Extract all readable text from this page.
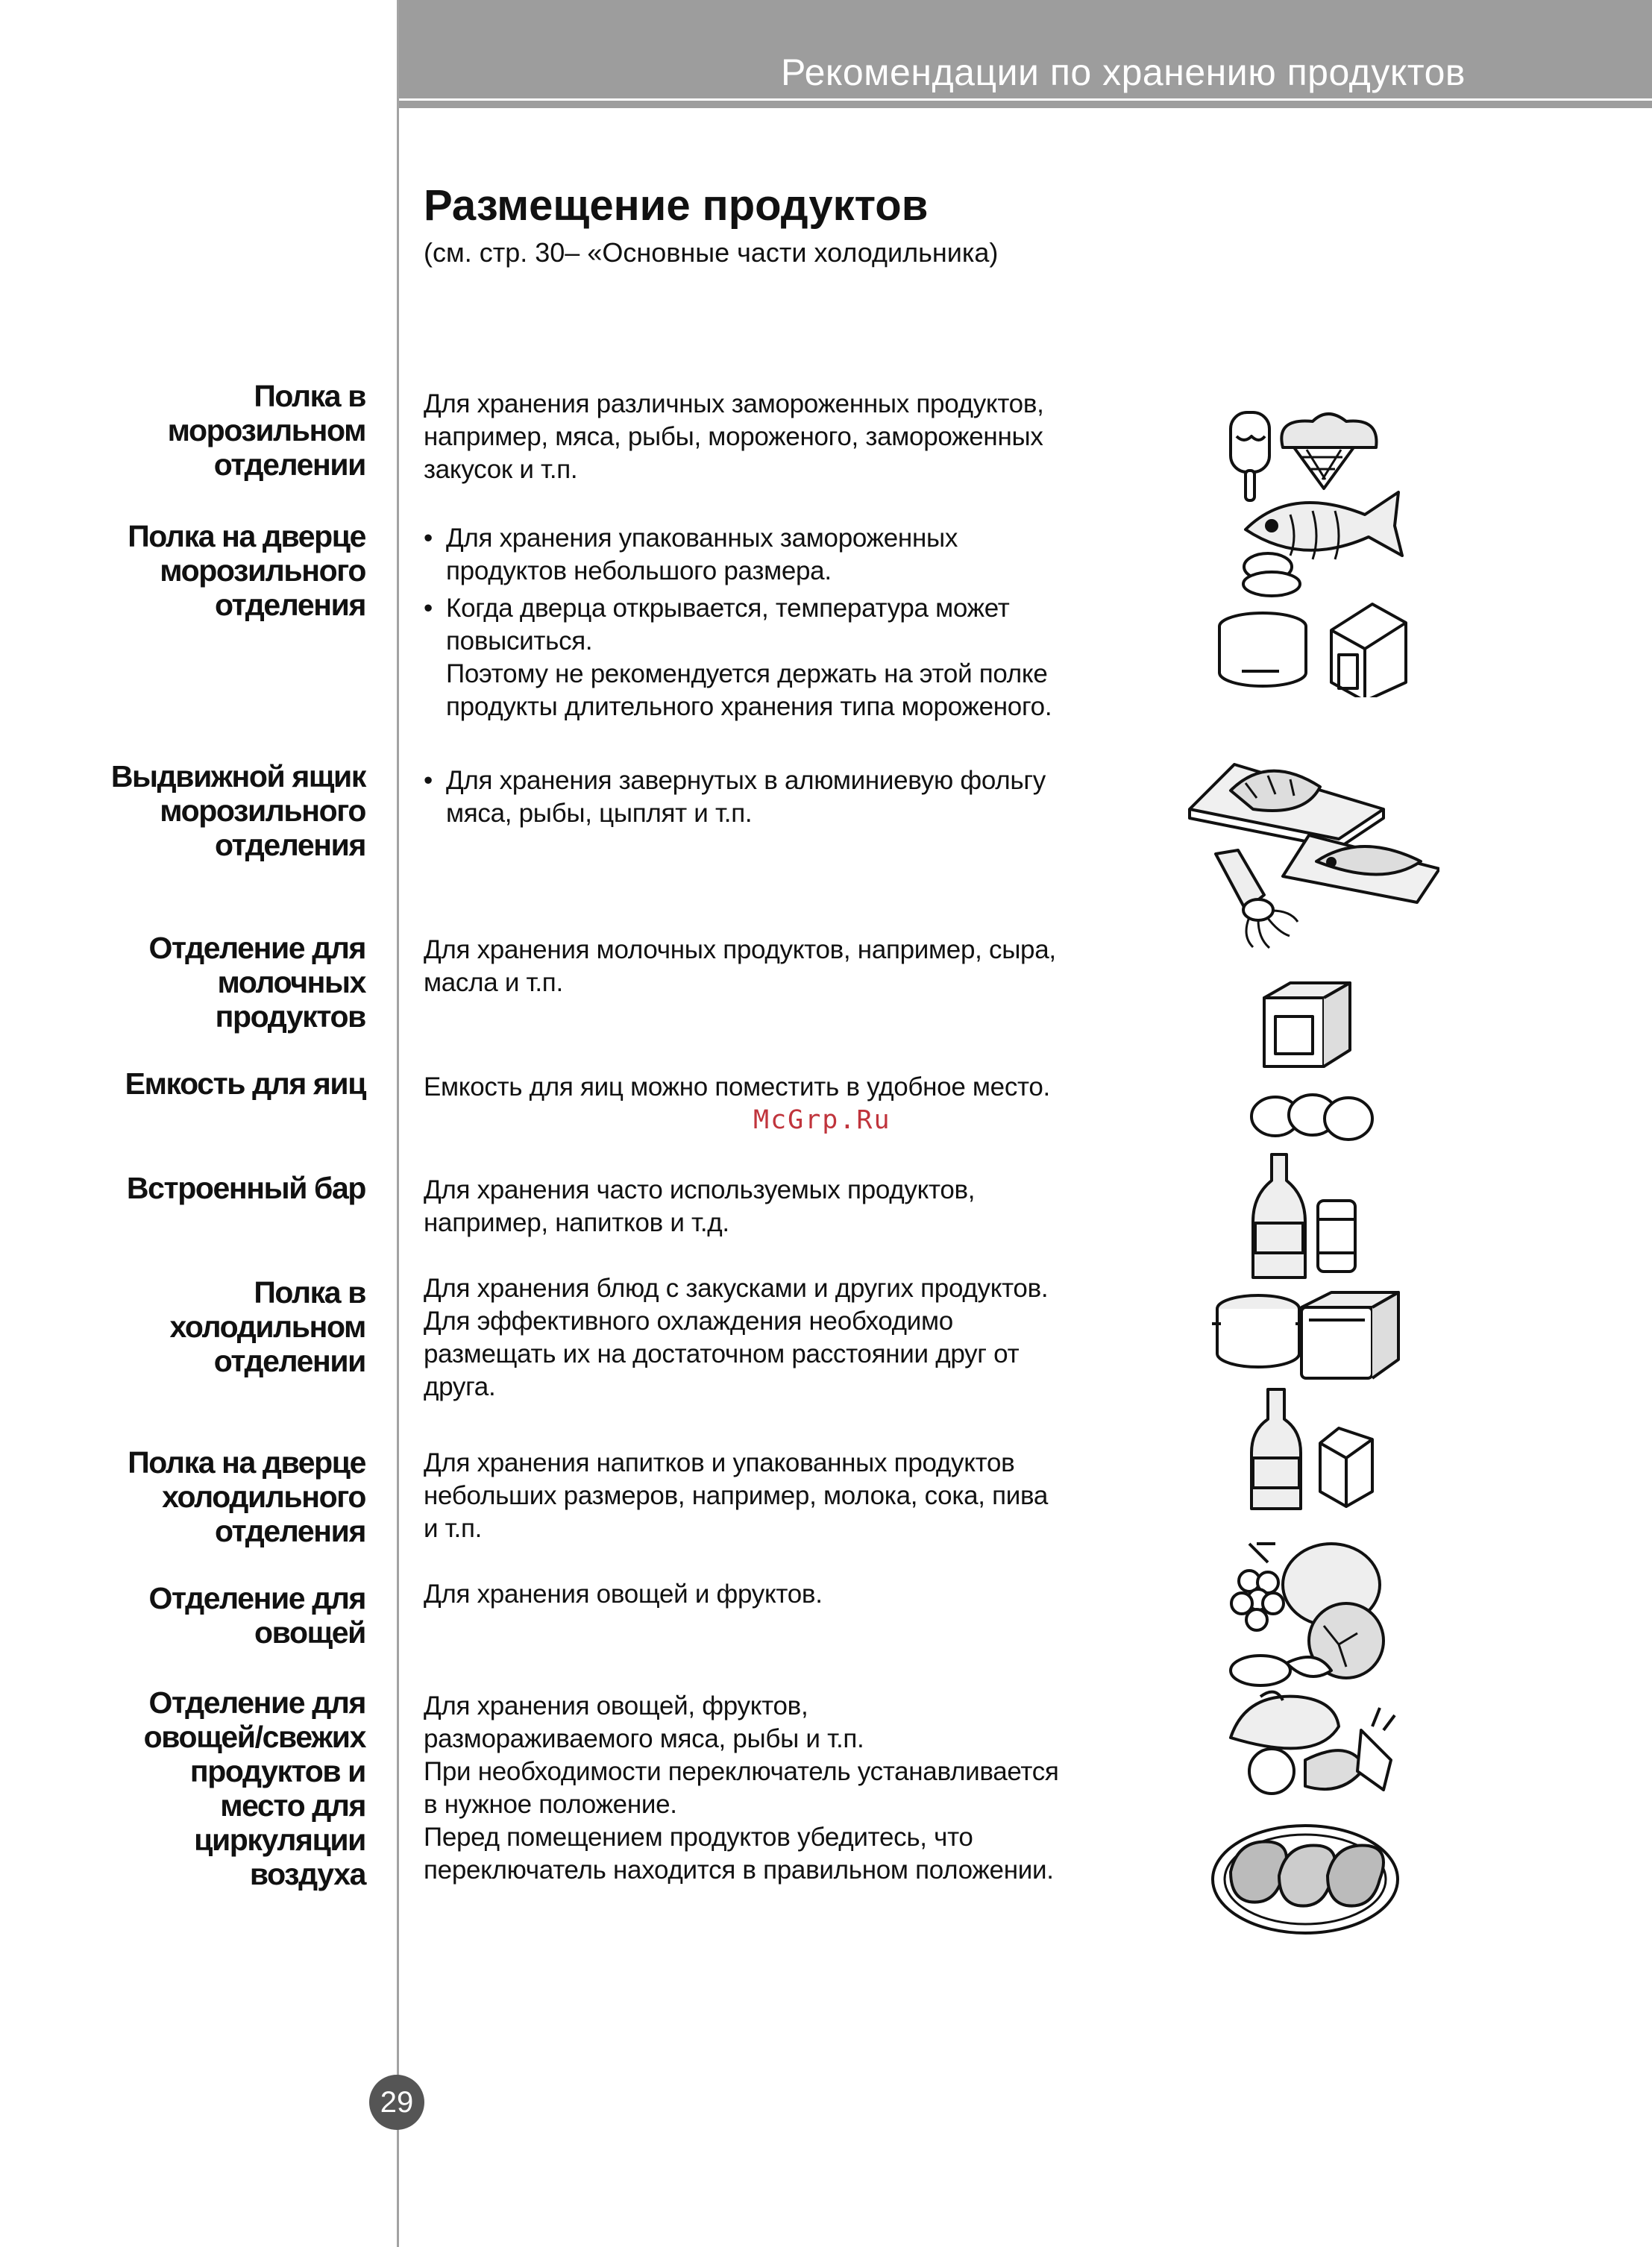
Рекомендации по хранению продуктов
Размещение продуктов
(см. стр. 30– «Основные части холодильника)
Полка в
морозильном
отделении
Для хранения различных замороженных продуктов,
например, мяса, рыбы, мороженого, замороженных
закусок и т.п.
Полка на дверце
морозильного
отделения
• Для хранения упакованных замороженных
продуктов небольшого размера.
• Когда дверца открывается, температура может
повыситься.
Поэтому не рекомендуется держать на этой полке
продукты длительного хранения типа мороженого.
Выдвижной ящик
морозильного
отделения
• Для хранения завернутых в алюминиевую фольгу
мяса, рыбы, цыплят и т.п.
Отделение для
молочных
продуктов
Для хранения молочных продуктов, например, сыра,
масла и т.п.
Емкость для яиц Емкость для яиц можно поместить в удобное место.
McGrp.Ru
Встроенный бар Для хранения часто используемых продуктов,
например, напитков и т.д.
Полка в
холодильном
отделении
Для хранения блюд с закусками и других продуктов.
Для эффективного охлаждения необходимо
размещать их на достаточном расстоянии друг от
друга.
Полка на дверце
холодильного
отделения
Для хранения напитков и упакованных продуктов
небольших размеров, например, молока, сока, пива
и т.п.
Отделение для
овощей
Для хранения овощей и фруктов.
Отделение для
овощей/свежих
продуктов и
место для
циркуляции
воздуха
Для хранения овощей, фруктов,
размораживаемого мяса, рыбы и т.п.
При необходимости переключатель устанавливается
в нужное положение.
Перед помещением продуктов убедитесь, что
переключатель находится в правильном положении.
29
